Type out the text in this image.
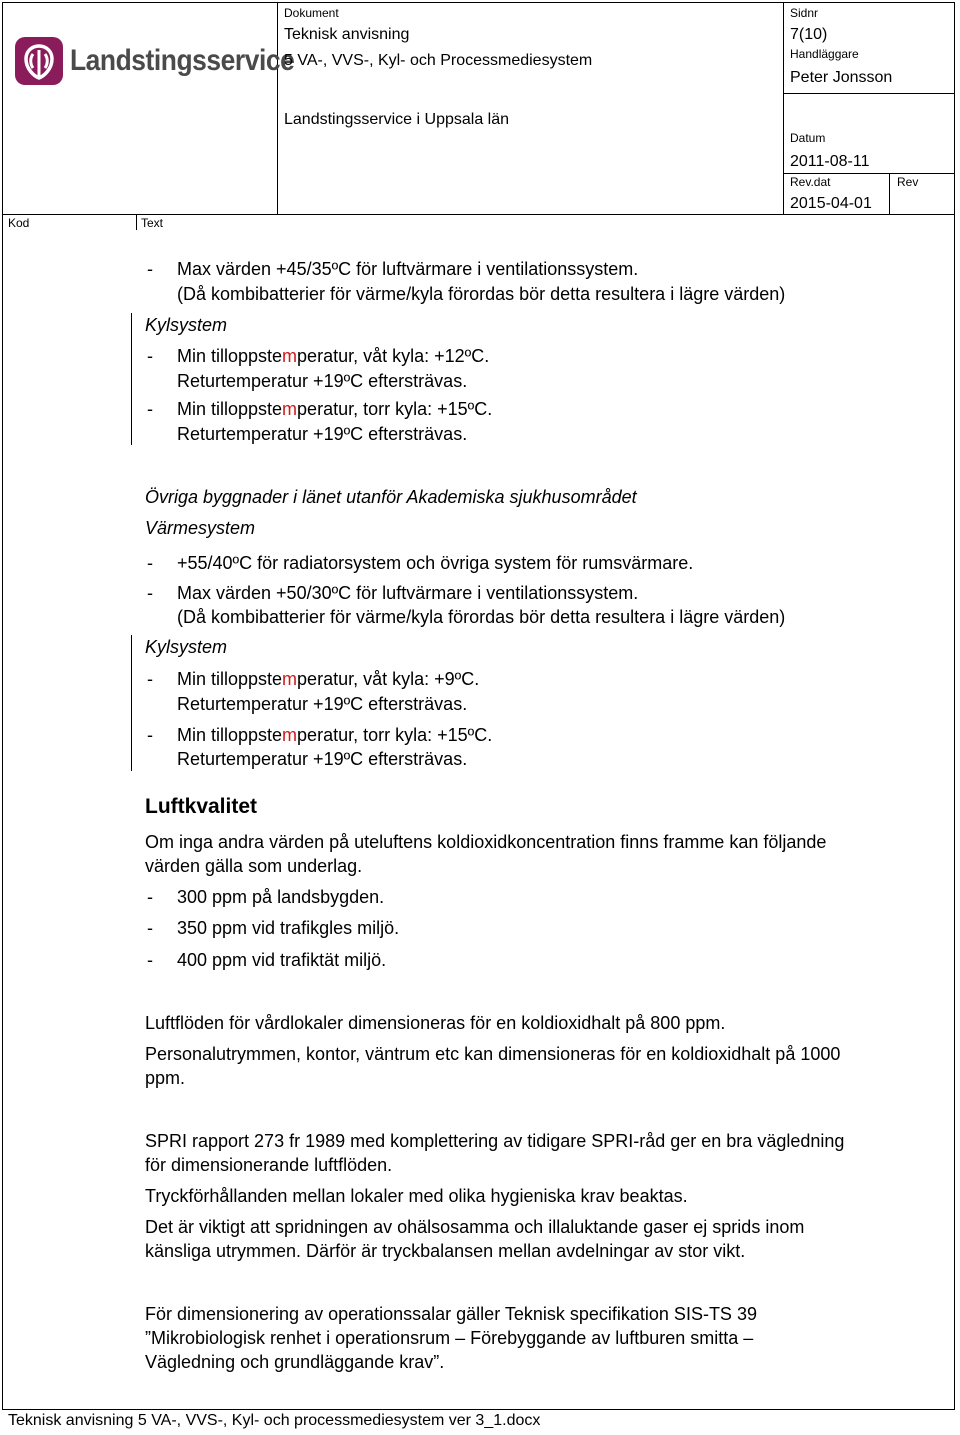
Landstingsservice
Dokument
Teknisk anvisning
5 VA-, VVS-, Kyl- och Processmediesystem
Landstingsservice i Uppsala län
Sidnr
7(10)
Handläggare
Peter Jonsson
Datum
2011-08-11
Rev.dat
2015-04-01
Rev
Kod	Text
- Max värden +45/35ºC för luftvärmare i ventilationssystem.
(Då kombibatterier för värme/kyla förordas bör detta resultera i lägre värden)
Kylsystem
- Min tilloppstemperatur, våt kyla: +12ºC.
Returtemperatur +19ºC eftersträvas.
- Min tilloppstemperatur, torr kyla: +15ºC.
Returtemperatur +19ºC eftersträvas.
Övriga byggnader i länet utanför Akademiska sjukhusområdet
Värmesystem
- +55/40ºC för radiatorsystem och övriga system för rumsvärmare.
- Max värden +50/30ºC för luftvärmare i ventilationssystem.
(Då kombibatterier för värme/kyla förordas bör detta resultera i lägre värden)
Kylsystem
- Min tilloppstemperatur, våt kyla: +9ºC.
Returtemperatur +19ºC eftersträvas.
- Min tilloppstemperatur, torr kyla: +15ºC.
Returtemperatur +19ºC eftersträvas.
Luftkvalitet
Om inga andra värden på uteluftens koldioxidkoncentration finns framme kan följande
värden gälla som underlag.
- 300 ppm på landsbygden.
- 350 ppm vid trafikgles miljö.
- 400 ppm vid trafiktät miljö.
Luftflöden för vårdlokaler dimensioneras för en koldioxidhalt på 800 ppm.
Personalutrymmen, kontor, väntrum etc kan dimensioneras för en koldioxidhalt på 1000
ppm.
SPRI rapport 273 fr 1989 med komplettering av tidigare SPRI-råd ger en bra vägledning
för dimensionerande luftflöden.
Tryckförhållanden mellan lokaler med olika hygieniska krav beaktas.
Det är viktigt att spridningen av ohälsosamma och illaluktande gaser ej sprids inom
känsliga utrymmen. Därför är tryckbalansen mellan avdelningar av stor vikt.
För dimensionering av operationssalar gäller Teknisk specifikation SIS-TS 39
”Mikrobiologisk renhet i operationsrum – Förebyggande av luftburen smitta –
Vägledning och grundläggande krav”.
Teknisk anvisning 5 VA-, VVS-, Kyl- och processmediesystem ver 3_1.docx
